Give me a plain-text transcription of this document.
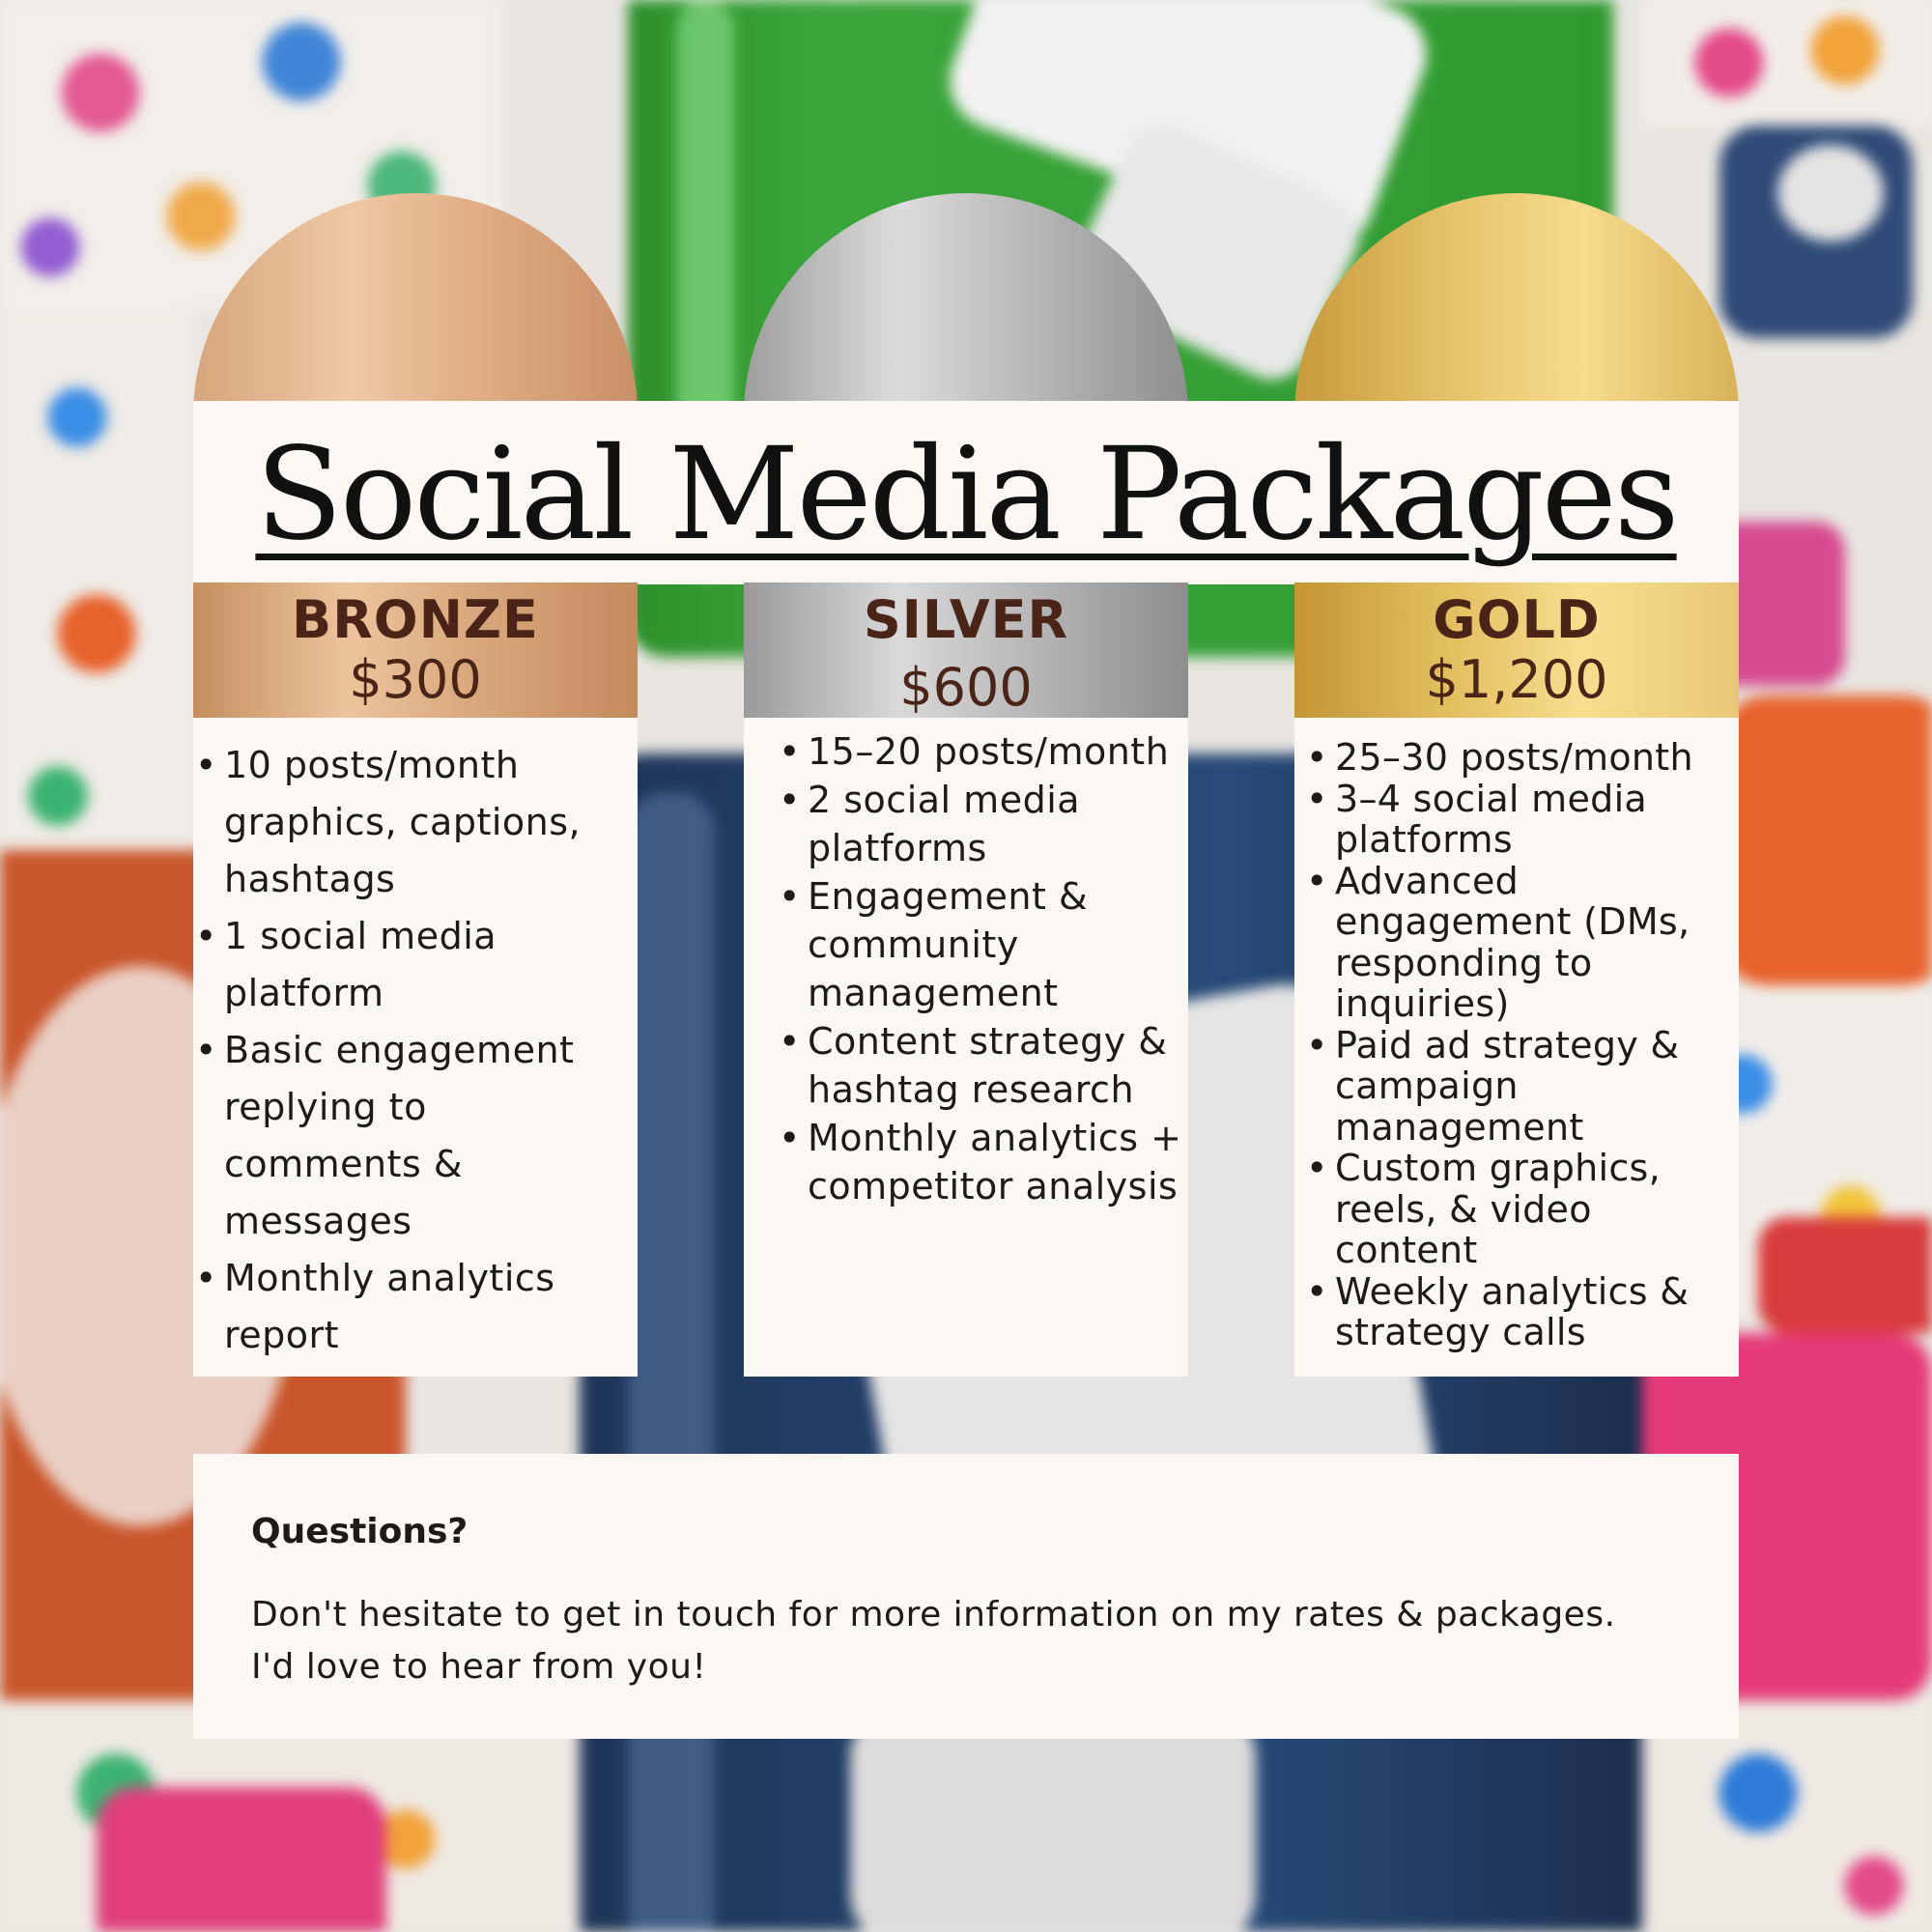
Social Media Packages
BRONZE
$300
SILVER
$600
GOLD
$1,200
• 10 posts/month graphics, captions, hashtags
• 1 social media platform
• Basic engagement replying to comments & messages
• Monthly analytics report
• 15–20 posts/month
• 2 social media platforms
• Engagement & community management
• Content strategy & hashtag research
• Monthly analytics + competitor analysis
• 25–30 posts/month
• 3–4 social media platforms
• Advanced engagement (DMs, responding to inquiries)
• Paid ad strategy & campaign management
• Custom graphics, reels, & video content
• Weekly analytics & strategy calls
Questions?
Don't hesitate to get in touch for more information on my rates & packages. I'd love to hear from you!
